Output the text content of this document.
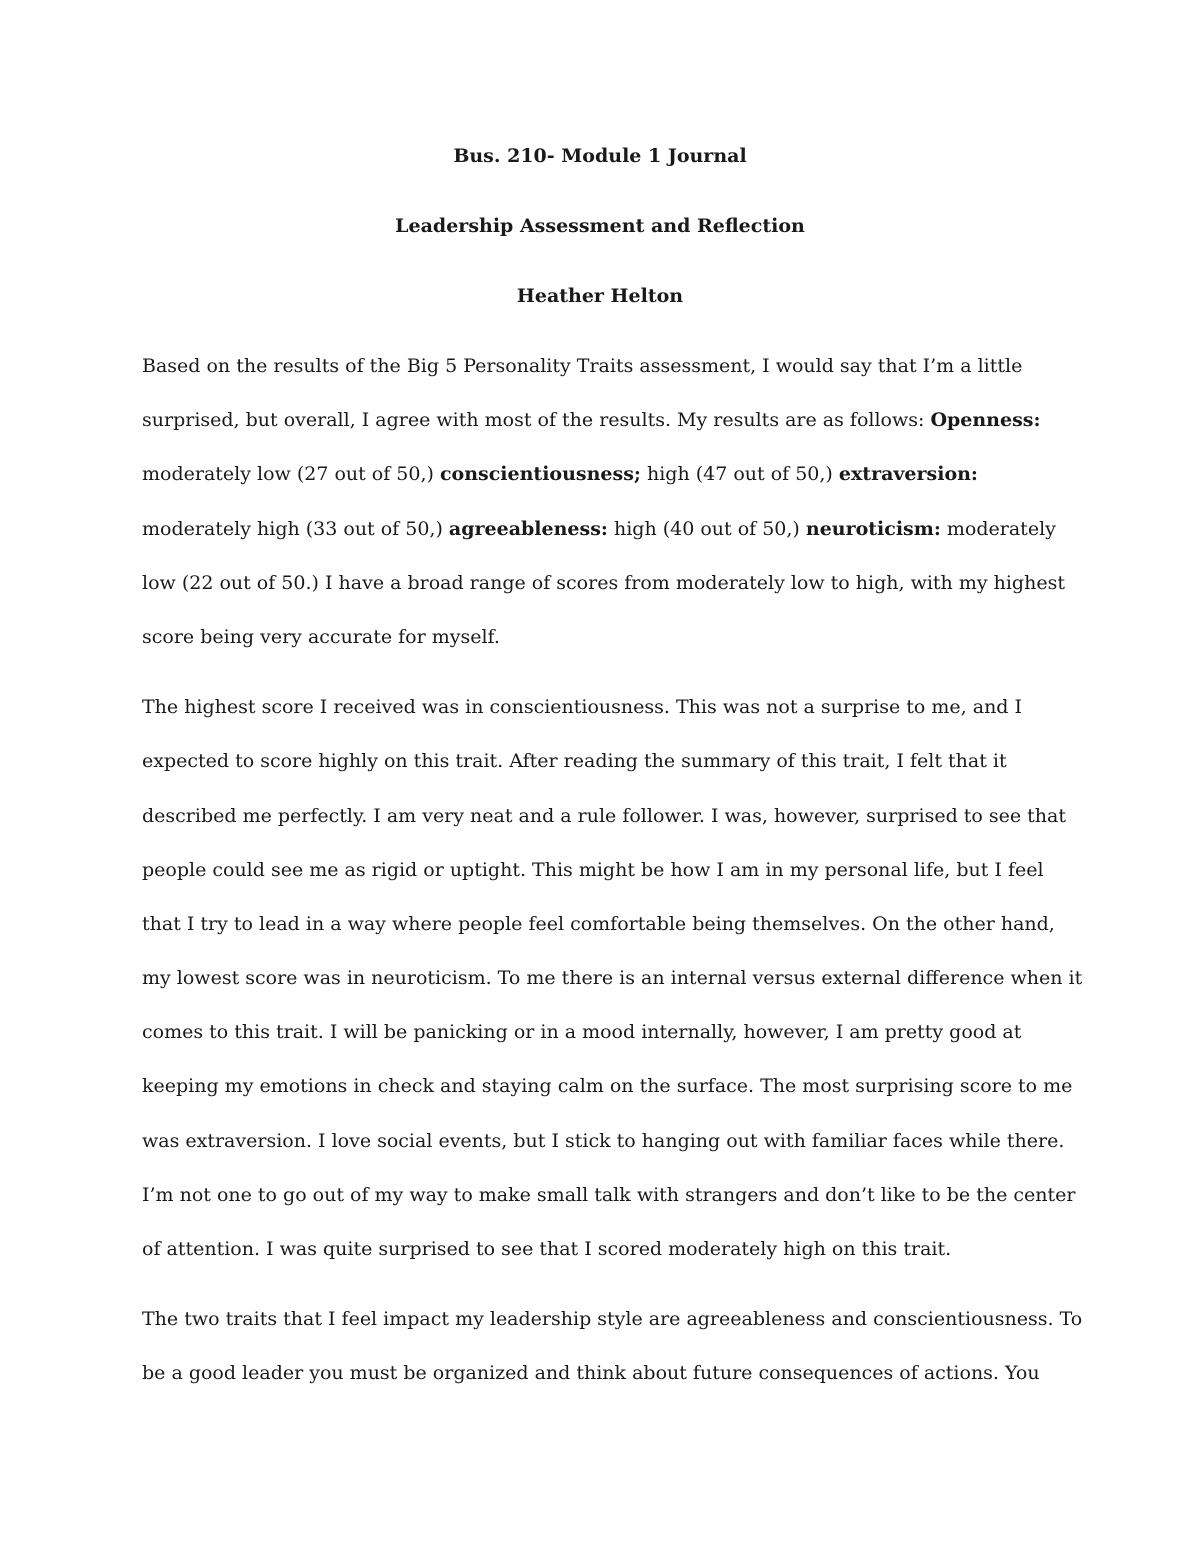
Bus. 210- Module 1 Journal
Leadership Assessment and Reflection
Heather Helton
Based on the results of the Big 5 Personality Traits assessment, I would say that I’m a little
surprised, but overall, I agree with most of the results. My results are as follows: Openness:
moderately low (27 out of 50,) conscientiousness; high (47 out of 50,) extraversion:
moderately high (33 out of 50,) agreeableness: high (40 out of 50,) neuroticism: moderately
low (22 out of 50.) I have a broad range of scores from moderately low to high, with my highest
score being very accurate for myself.
The highest score I received was in conscientiousness. This was not a surprise to me, and I
expected to score highly on this trait. After reading the summary of this trait, I felt that it
described me perfectly. I am very neat and a rule follower. I was, however, surprised to see that
people could see me as rigid or uptight. This might be how I am in my personal life, but I feel
that I try to lead in a way where people feel comfortable being themselves. On the other hand,
my lowest score was in neuroticism. To me there is an internal versus external difference when it
comes to this trait. I will be panicking or in a mood internally, however, I am pretty good at
keeping my emotions in check and staying calm on the surface. The most surprising score to me
was extraversion. I love social events, but I stick to hanging out with familiar faces while there.
I’m not one to go out of my way to make small talk with strangers and don’t like to be the center
of attention. I was quite surprised to see that I scored moderately high on this trait.
The two traits that I feel impact my leadership style are agreeableness and conscientiousness. To
be a good leader you must be organized and think about future consequences of actions. You
